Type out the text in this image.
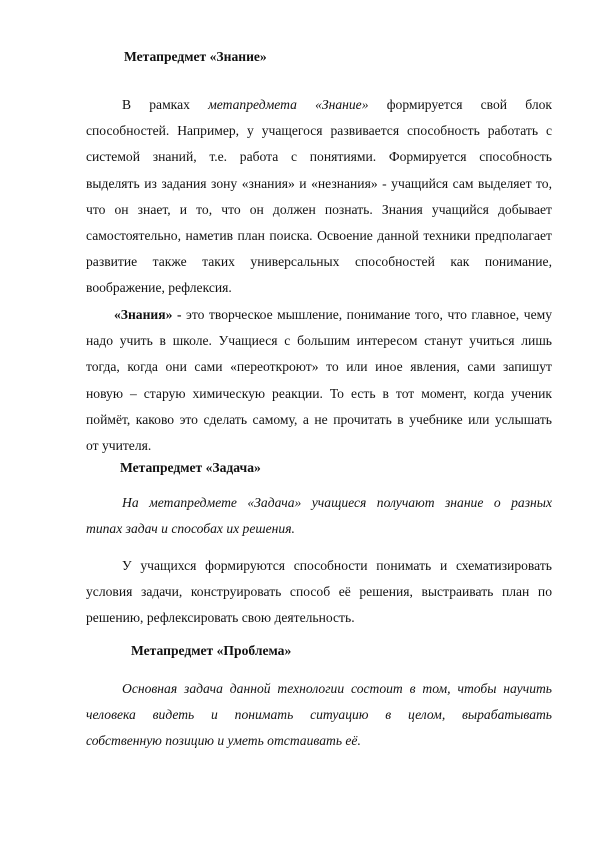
Метапредмет «Знание»
В рамках метапредмета «Знание» формируется свой блок
способностей. Например, у учащегося развивается способность работать с
системой знаний, т.е. работа с понятиями. Формируется способность
выделять из задания зону «знания» и «незнания» - учащийся сам выделяет то,
что он знает, и то, что он должен познать. Знания учащийся добывает
самостоятельно, наметив план поиска. Освоение данной техники предполагает
развитие также таких универсальных способностей как понимание,
воображение, рефлексия.
«Знания» - это творческое мышление, понимание того, что главное, чему
надо учить в школе. Учащиеся с большим интересом станут учиться лишь
тогда, когда они сами «переоткроют» то или иное явления, сами запишут
новую – старую химическую реакции. То есть в тот момент, когда ученик
поймёт, каково это сделать самому, а не прочитать в учебнике или услышать
от учителя.
Метапредмет «Задача»
На метапредмете «Задача» учащиеся получают знание о разных
типах задач и способах их решения.
У учащихся формируются способности понимать и схематизировать
условия задачи, конструировать способ её решения, выстраивать план по
решению, рефлексировать свою деятельность.
Метапредмет «Проблема»
Основная задача данной технологии состоит в том, чтобы научить
человека видеть и понимать ситуацию в целом, вырабатывать
собственную позицию и уметь отстаивать её.
